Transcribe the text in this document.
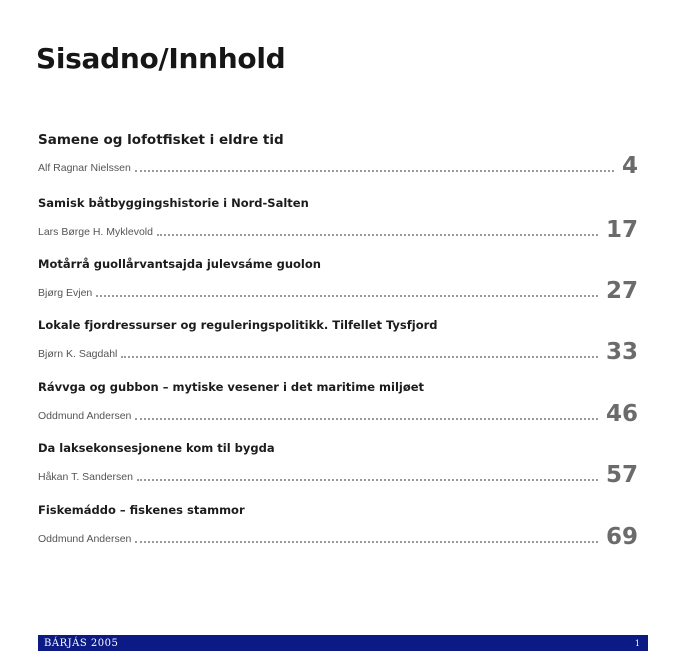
Sisadno/Innhold
Samene og lofotfisket i eldre tid
Alf Ragnar Nielssen	4
Samisk båtbyggingshistorie i Nord-Salten
Lars Børge H. Myklevold	17
Motårrå guollårvantsajda julevsáme guolon
Bjørg Evjen	27
Lokale fjordressurser og reguleringspolitikk. Tilfellet Tysfjord
Bjørn K. Sagdahl	33
Rávvga og gubbon – mytiske vesener i det maritime miljøet
Oddmund Andersen	46
Da laksekonsesjonene kom til bygda
Håkan T. Sandersen	57
Fiskemáddo – fiskenes stammor
Oddmund Andersen	69
BÁRJÁS 2005	1
